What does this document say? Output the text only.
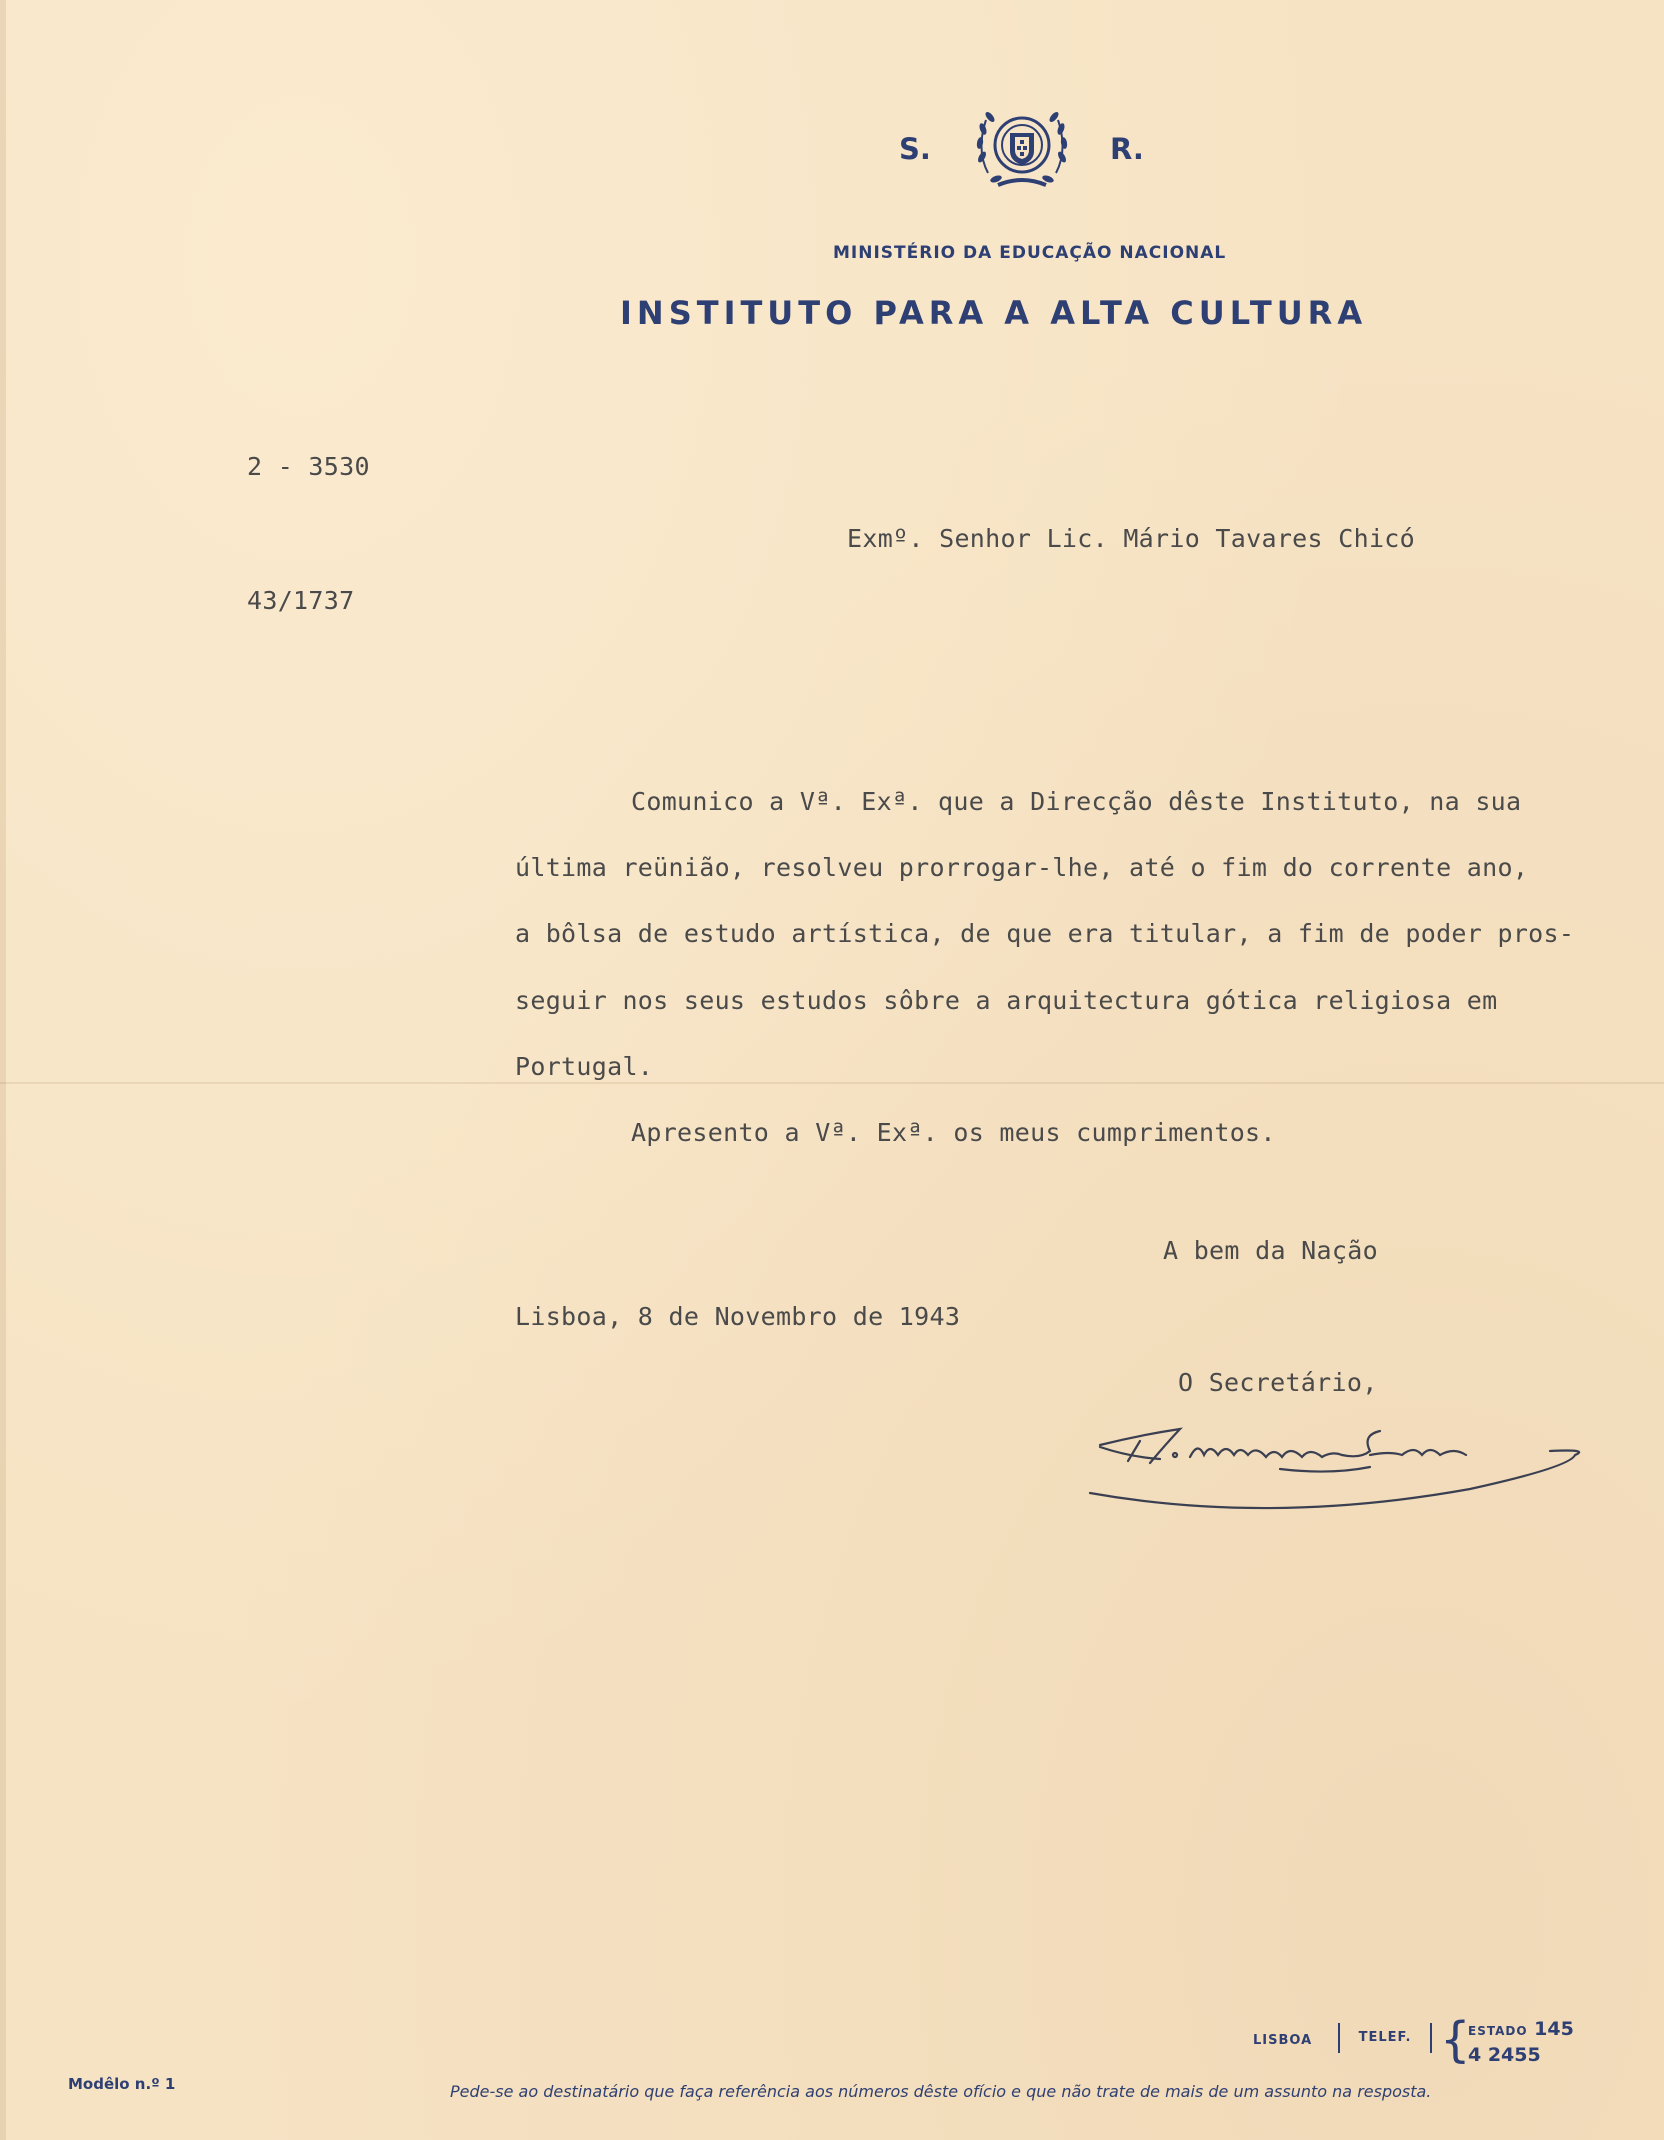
S.	R.
MINISTÉRIO DA EDUCAÇÃO NACIONAL
INSTITUTO PARA A ALTA CULTURA
2 - 3530
43/1737
Exmº. Senhor Lic. Mário Tavares Chicó
Comunico a Vª. Exª. que a Direcção dêste Instituto, na sua
última reünião, resolveu prorrogar-lhe, até o fim do corrente ano,
a bôlsa de estudo artística, de que era titular, a fim de poder pros-
seguir nos seus estudos sôbre a arquitectura gótica religiosa em
Portugal.
Apresento a Vª. Exª. os meus cumprimentos.
A bem da Nação
Lisboa, 8 de Novembro de 1943
O Secretário,
Modêlo n.º 1	Pede-se ao destinatário que faça referência aos números dêste ofício e que não trate de mais de um assunto na resposta.
LISBOA	TELEF. {
ESTADO 145
4 2455
